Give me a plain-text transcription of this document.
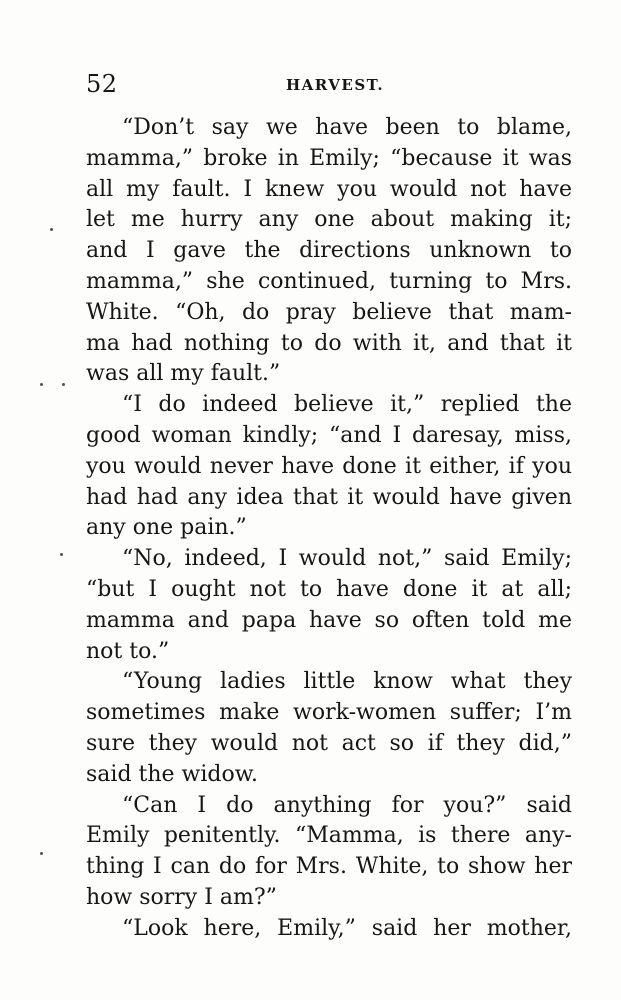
52	HARVEST.
“Don’t say we have been to blame,
mamma,” broke in Emily; “because it was
all my fault. I knew you would not have
let me hurry any one about making it;
and I gave the directions unknown to
mamma,” she continued, turning to Mrs.
White. “Oh, do pray believe that mam-
ma had nothing to do with it, and that it
was all my fault.”
“I do indeed believe it,” replied the
good woman kindly; “and I daresay, miss,
you would never have done it either, if you
had had any idea that it would have given
any one pain.”
“No, indeed, I would not,” said Emily;
“but I ought not to have done it at all;
mamma and papa have so often told me
not to.”
“Young ladies little know what they
sometimes make work-women suffer; I’m
sure they would not act so if they did,”
said the widow.
“Can I do anything for you?” said
Emily penitently. “Mamma, is there any-
thing I can do for Mrs. White, to show her
how sorry I am?”
“Look here, Emily,” said her mother,
